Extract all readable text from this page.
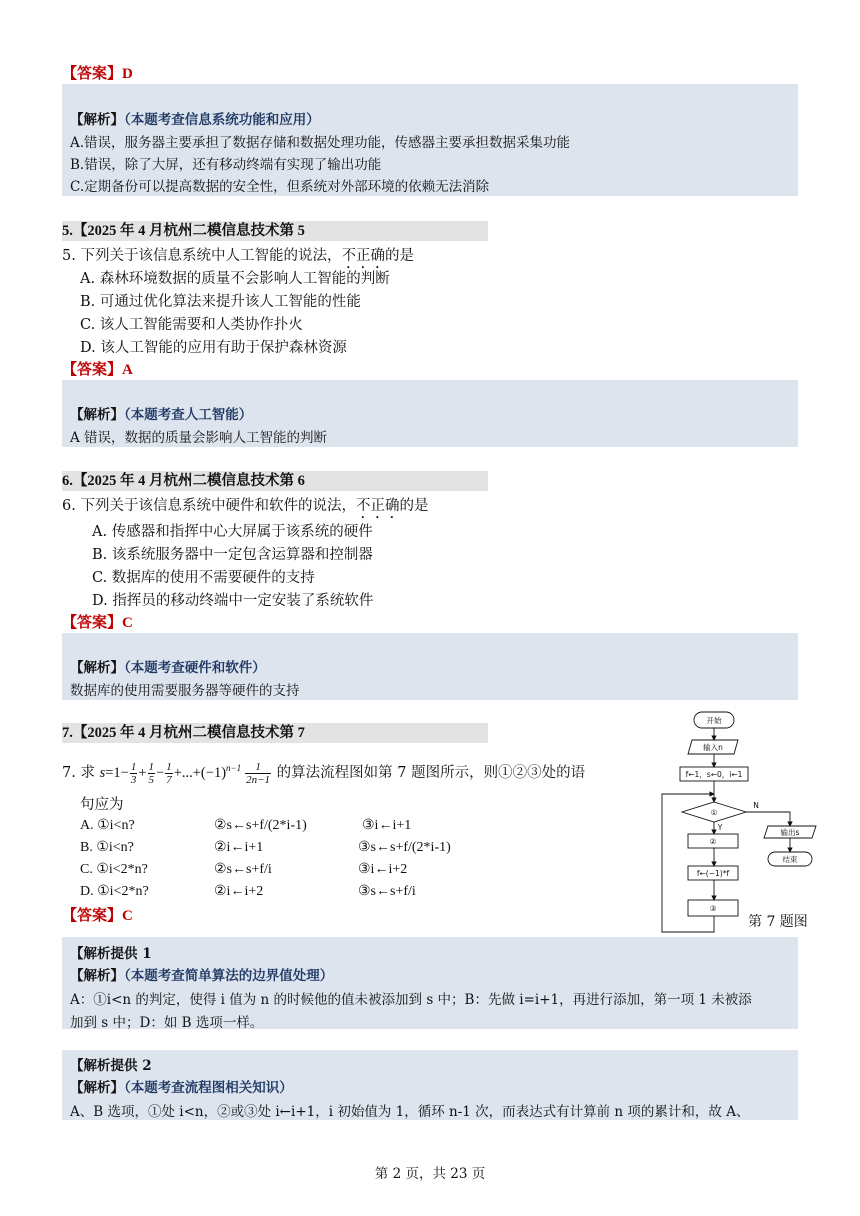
【答案】D
【解析】（本题考查信息系统功能和应用）
A.错误，服务器主要承担了数据存储和数据处理功能，传感器主要承担数据采集功能
B.错误，除了大屏，还有移动终端有实现了输出功能
C.定期备份可以提高数据的安全性，但系统对外部环境的依赖无法消除
5.【2025 年 4 月杭州二模信息技术第 5
5. 下列关于该信息系统中人工智能的说法，不正确的是
A. 森林环境数据的质量不会影响人工智能的判断
B. 可通过优化算法来提升该人工智能的性能
C. 该人工智能需要和人类协作扑火
D. 该人工智能的应用有助于保护森林资源
【答案】A
【解析】（本题考查人工智能）
A 错误，数据的质量会影响人工智能的判断
6.【2025 年 4 月杭州二模信息技术第 6
6. 下列关于该信息系统中硬件和软件的说法，不正确的是
A. 传感器和指挥中心大屏属于该系统的硬件
B. 该系统服务器中一定包含运算器和控制器
C. 数据库的使用不需要硬件的支持
D. 指挥员的移动终端中一定安装了系统软件
【答案】C
【解析】（本题考查硬件和软件）
数据库的使用需要服务器等硬件的支持
7.【2025 年 4 月杭州二模信息技术第 7
7. 求 $s=1- \frac{1}{3} + \frac{1}{5} - \frac{1}{7} +...+(-1)^{n-1} \frac{1}{2n-1}$ 的算法流程图如第 7 题图所示，则①②③处的语
句应为
A. ①i<n?	②s←s+f/(2*i-1)	③i←i+1
B. ①i<n?	②i←i+1	③s←s+f/(2*i-1)
C. ①i<2*n?	②s←s+f/i	③i←i+2
D. ①i<2*n?	②i←i+2	③s←s+f/i
【答案】C
开始
输入n
f←1，s←0，i←1
①
②
f←(−1)*f
③
输出s
结束
N
Y
第 7 题图
【解析提供 1
【解析】（本题考查简单算法的边界值处理）
A：①i<n 的判定，使得 i 值为 n 的时候他的值未被添加到 s 中；B：先做 i=i+1，再进行添加，第一项 1 未被添
加到 s 中；D：如 B 选项一样。
【解析提供 2
【解析】（本题考查流程图相关知识）
A、B 选项，①处 i<n，②或③处 i←i+1，i 初始值为 1，循环 n-1 次，而表达式有计算前 n 项的累计和，故 A、
第 2 页，共 23 页
